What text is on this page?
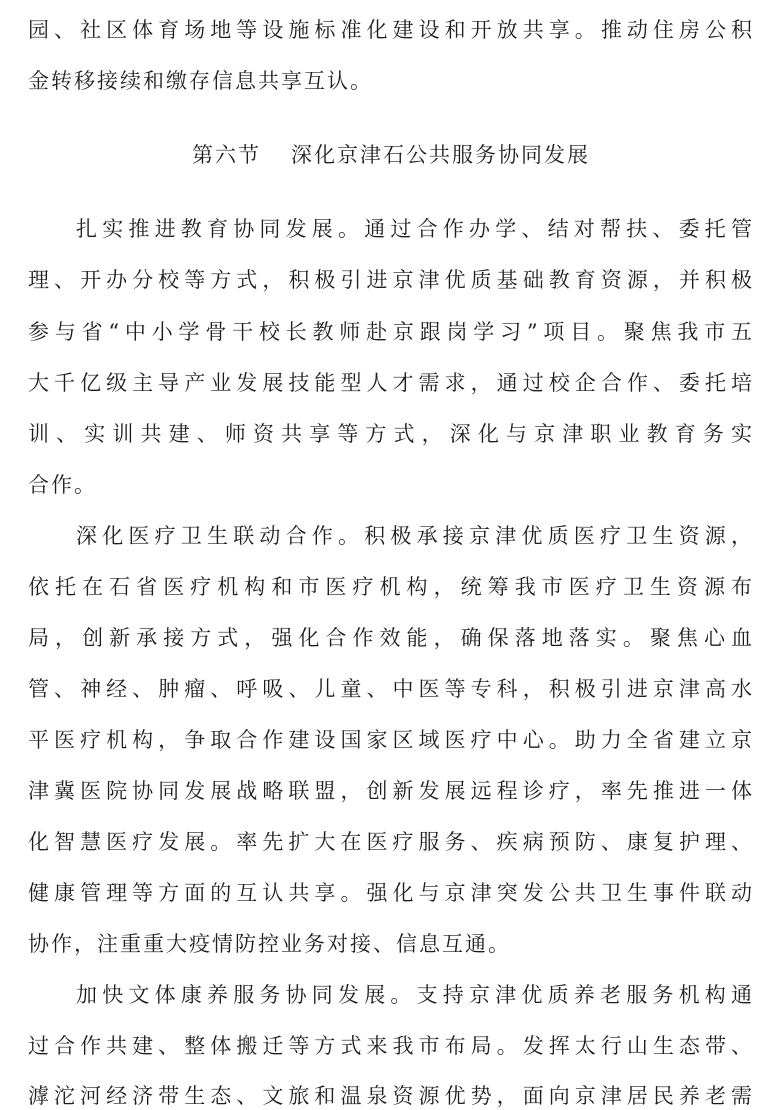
园、社区体育场地等设施标准化建设和开放共享。推动住房公积
金转移接续和缴存信息共享互认。
第六节 深化京津石公共服务协同发展
扎实推进教育协同发展。通过合作办学、结对帮扶、委托管
理、开办分校等方式，积极引进京津优质基础教育资源，并积极
参与省“中小学骨干校长教师赴京跟岗学习”项目。聚焦我市五
大千亿级主导产业发展技能型人才需求，通过校企合作、委托培
训、实训共建、师资共享等方式，深化与京津职业教育务实
合作。
深化医疗卫生联动合作。积极承接京津优质医疗卫生资源，
依托在石省医疗机构和市医疗机构，统筹我市医疗卫生资源布
局，创新承接方式，强化合作效能，确保落地落实。聚焦心血
管、神经、肿瘤、呼吸、儿童、中医等专科，积极引进京津高水
平医疗机构，争取合作建设国家区域医疗中心。助力全省建立京
津冀医院协同发展战略联盟，创新发展远程诊疗，率先推进一体
化智慧医疗发展。率先扩大在医疗服务、疾病预防、康复护理、
健康管理等方面的互认共享。强化与京津突发公共卫生事件联动
协作，注重重大疫情防控业务对接、信息互通。
加快文体康养服务协同发展。支持京津优质养老服务机构通
过合作共建、整体搬迁等方式来我市布局。发挥太行山生态带、
滹沱河经济带生态、文旅和温泉资源优势，面向京津居民养老需
